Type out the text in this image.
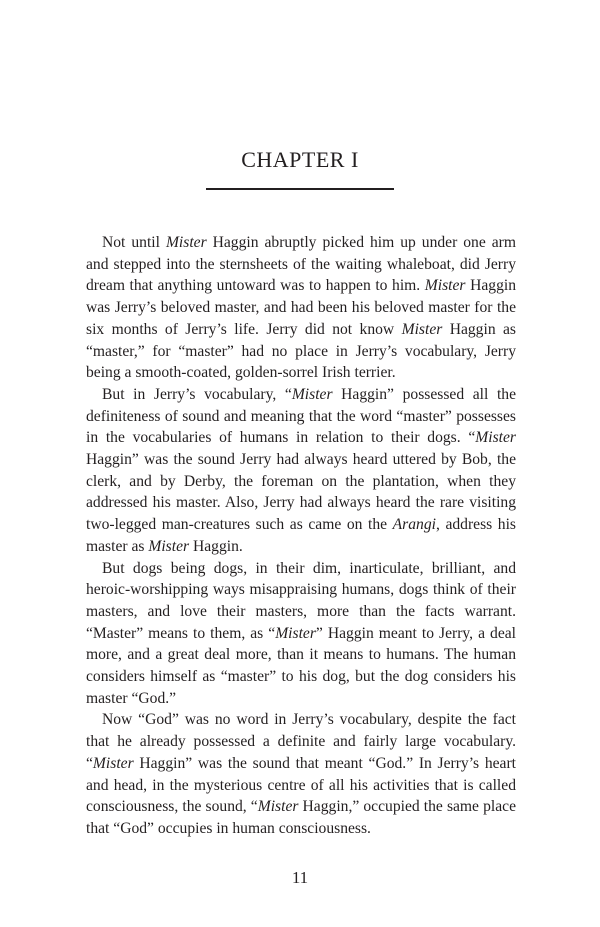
CHAPTER I

Not until Mister Haggin abruptly picked him up under one arm and stepped into the sternsheets of the waiting whaleboat, did Jerry dream that anything untoward was to happen to him. Mister Haggin was Jerry’s beloved master, and had been his beloved master for the six months of Jerry’s life. Jerry did not know Mister Haggin as “master,” for “master” had no place in Jerry’s vocabulary, Jerry being a smooth-coated, golden-sorrel Irish terrier.

But in Jerry’s vocabulary, “Mister Haggin” possessed all the definiteness of sound and meaning that the word “master” possesses in the vocabularies of humans in relation to their dogs. “Mister Haggin” was the sound Jerry had always heard uttered by Bob, the clerk, and by Derby, the foreman on the plantation, when they addressed his master. Also, Jerry had always heard the rare visiting two-legged man-creatures such as came on the Arangi, address his master as Mister Haggin.

But dogs being dogs, in their dim, inarticulate, brilliant, and heroic-worshipping ways misappraising humans, dogs think of their masters, and love their masters, more than the facts warrant. “Master” means to them, as “Mister” Haggin meant to Jerry, a deal more, and a great deal more, than it means to humans. The human considers himself as “master” to his dog, but the dog considers his master “God.”

Now “God” was no word in Jerry’s vocabulary, despite the fact that he already possessed a definite and fairly large vocabulary. “Mister Haggin” was the sound that meant “God.” In Jerry’s heart and head, in the mysterious centre of all his activities that is called consciousness, the sound, “Mister Haggin,” occupied the same place that “God” occupies in human consciousness.

11
